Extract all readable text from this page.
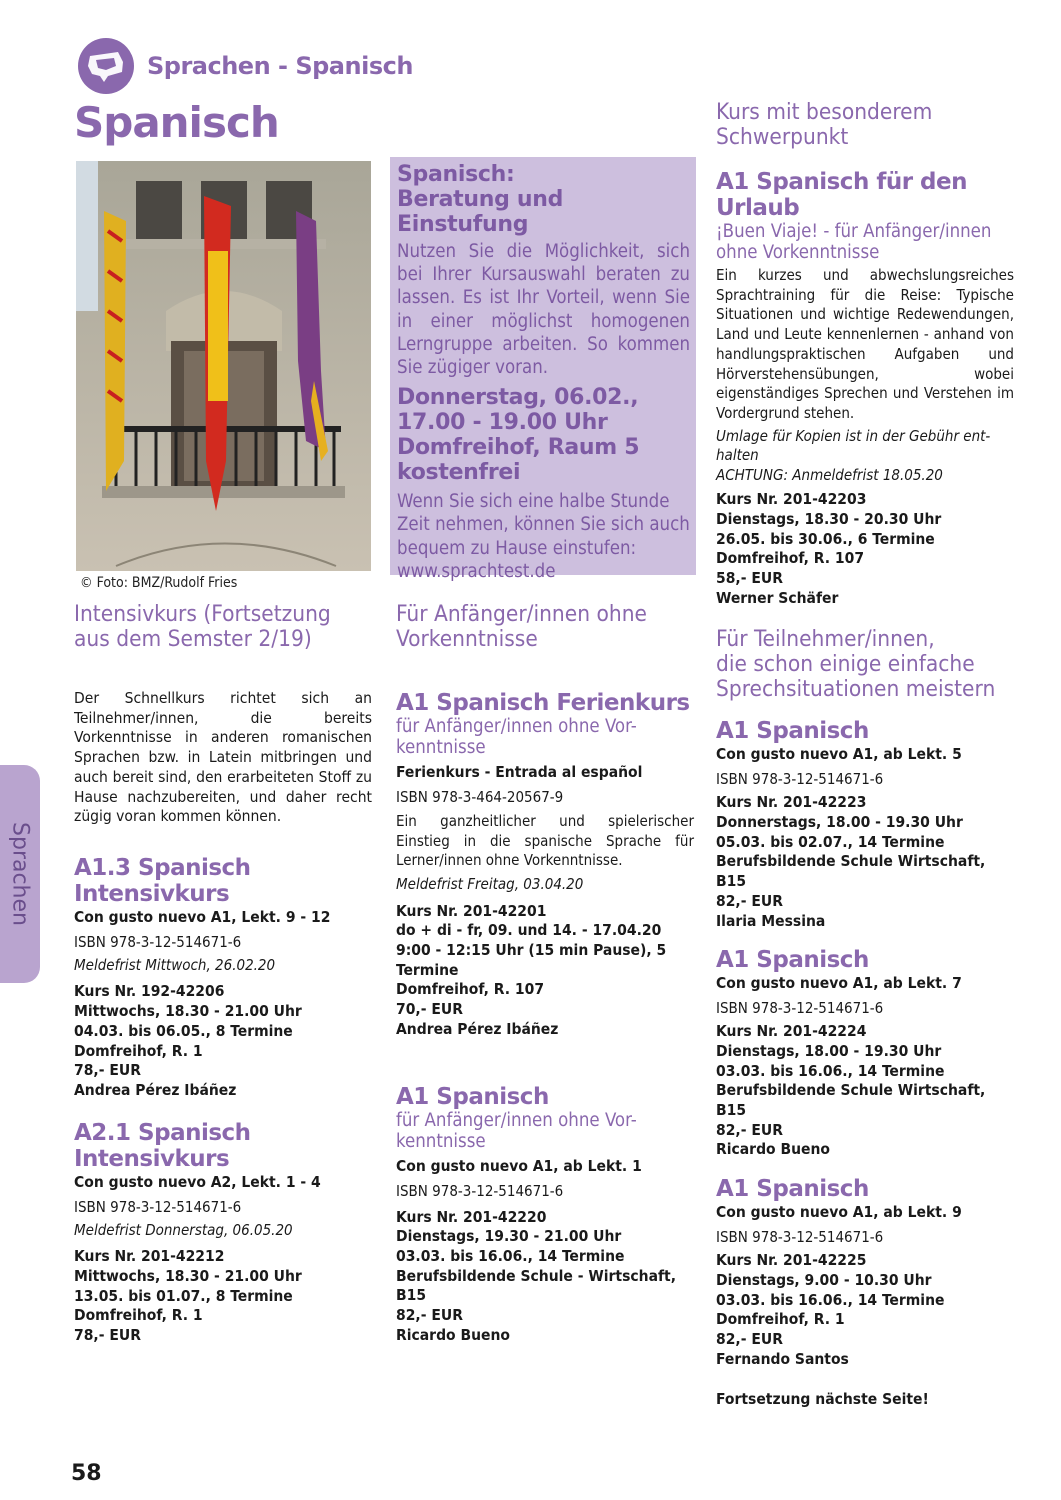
Sprachen - Spanisch
Spanisch
© Foto: BMZ/Rudolf Fries
Sprachen
58
Spanisch:
Beratung und Einstufung
Nutzen Sie die Möglichkeit, sich bei Ihrer Kursauswahl beraten zu lassen. Es ist Ihr Vorteil, wenn Sie in einer möglichst homogenen Lerngruppe arbeiten. So kommen Sie zügiger voran.
Donnerstag, 06.02.,
17.00 - 19.00 Uhr
Domfreihof, Raum 5
kostenfrei
Wenn Sie sich eine halbe Stunde Zeit nehmen, können Sie sich auch bequem zu Hause einstufen: www.sprachtest.de
Intensivkurs (Fortsetzung
aus dem Semster 2/19)
Der Schnellkurs richtet sich an Teilnehmer/innen, die bereits Vorkenntnisse in anderen romanischen Sprachen bzw. in Latein mitbringen und auch bereit sind, den erarbeiteten Stoff zu Hause nachzubereiten, und daher recht zügig voran kommen können.
A1.3 Spanisch Intensivkurs
Con gusto nuevo A1, Lekt. 9 - 12
ISBN 978-3-12-514671-6
Meldefrist Mittwoch, 26.02.20
Kurs Nr. 192-42206
Mittwochs, 18.30 - 21.00 Uhr
04.03. bis 06.05., 8 Termine
Domfreihof, R. 1
78,- EUR
Andrea Pérez Ibáñez
A2.1 Spanisch Intensivkurs
Con gusto nuevo A2, Lekt. 1 - 4
ISBN 978-3-12-514671-6
Meldefrist Donnerstag, 06.05.20
Kurs Nr. 201-42212
Mittwochs, 18.30 - 21.00 Uhr
13.05. bis 01.07., 8 Termine
Domfreihof, R. 1
78,- EUR
Für Anfänger/innen ohne
Vorkenntnisse
A1 Spanisch Ferienkurs
für Anfänger/innen ohne Vor-
kenntnisse
Ferienkurs - Entrada al español
ISBN 978-3-464-20567-9
Ein ganzheitlicher und spielerischer Einstieg in die spanische Sprache für Lerner/innen ohne Vorkenntnisse.
Meldefrist Freitag, 03.04.20
Kurs Nr. 201-42201
do + di - fr, 09. und 14. - 17.04.20
9:00 - 12:15 Uhr (15 min Pause), 5
Termine
Domfreihof, R. 107
70,- EUR
Andrea Pérez Ibáñez
A1 Spanisch
für Anfänger/innen ohne Vor-
kenntnisse
Con gusto nuevo A1, ab Lekt. 1
ISBN 978-3-12-514671-6
Kurs Nr. 201-42220
Dienstags, 19.30 - 21.00 Uhr
03.03. bis 16.06., 14 Termine
Berufsbildende Schule - Wirtschaft,
B15
82,- EUR
Ricardo Bueno
Kurs mit besonderem
Schwerpunkt
A1 Spanisch für den Urlaub
¡Buen Viaje! - für Anfänger/innen
ohne Vorkenntnisse
Ein kurzes und abwechslungsreiches Sprachtraining für die Reise: Typische Situationen und wichtige Redewendungen, Land und Leute kennenlernen - anhand von handlungspraktischen Aufgaben und Hörverstehensübungen, wobei eigenständiges Sprechen und Verstehen im Vordergrund stehen.
Umlage für Kopien ist in der Gebühr ent-
halten
ACHTUNG: Anmeldefrist 18.05.20
Kurs Nr. 201-42203
Dienstags, 18.30 - 20.30 Uhr
26.05. bis 30.06., 6 Termine
Domfreihof, R. 107
58,- EUR
Werner Schäfer
Für Teilnehmer/innen,
die schon einige einfache
Sprechsituationen meistern
A1 Spanisch
Con gusto nuevo A1, ab Lekt. 5
ISBN 978-3-12-514671-6
Kurs Nr. 201-42223
Donnerstags, 18.00 - 19.30 Uhr
05.03. bis 02.07., 14 Termine
Berufsbildende Schule Wirtschaft, B15
82,- EUR
Ilaria Messina
A1 Spanisch
Con gusto nuevo A1, ab Lekt. 7
ISBN 978-3-12-514671-6
Kurs Nr. 201-42224
Dienstags, 18.00 - 19.30 Uhr
03.03. bis 16.06., 14 Termine
Berufsbildende Schule Wirtschaft, B15
82,- EUR
Ricardo Bueno
A1 Spanisch
Con gusto nuevo A1, ab Lekt. 9
ISBN 978-3-12-514671-6
Kurs Nr. 201-42225
Dienstags, 9.00 - 10.30 Uhr
03.03. bis 16.06., 14 Termine
Domfreihof, R. 1
82,- EUR
Fernando Santos
Fortsetzung nächste Seite!
